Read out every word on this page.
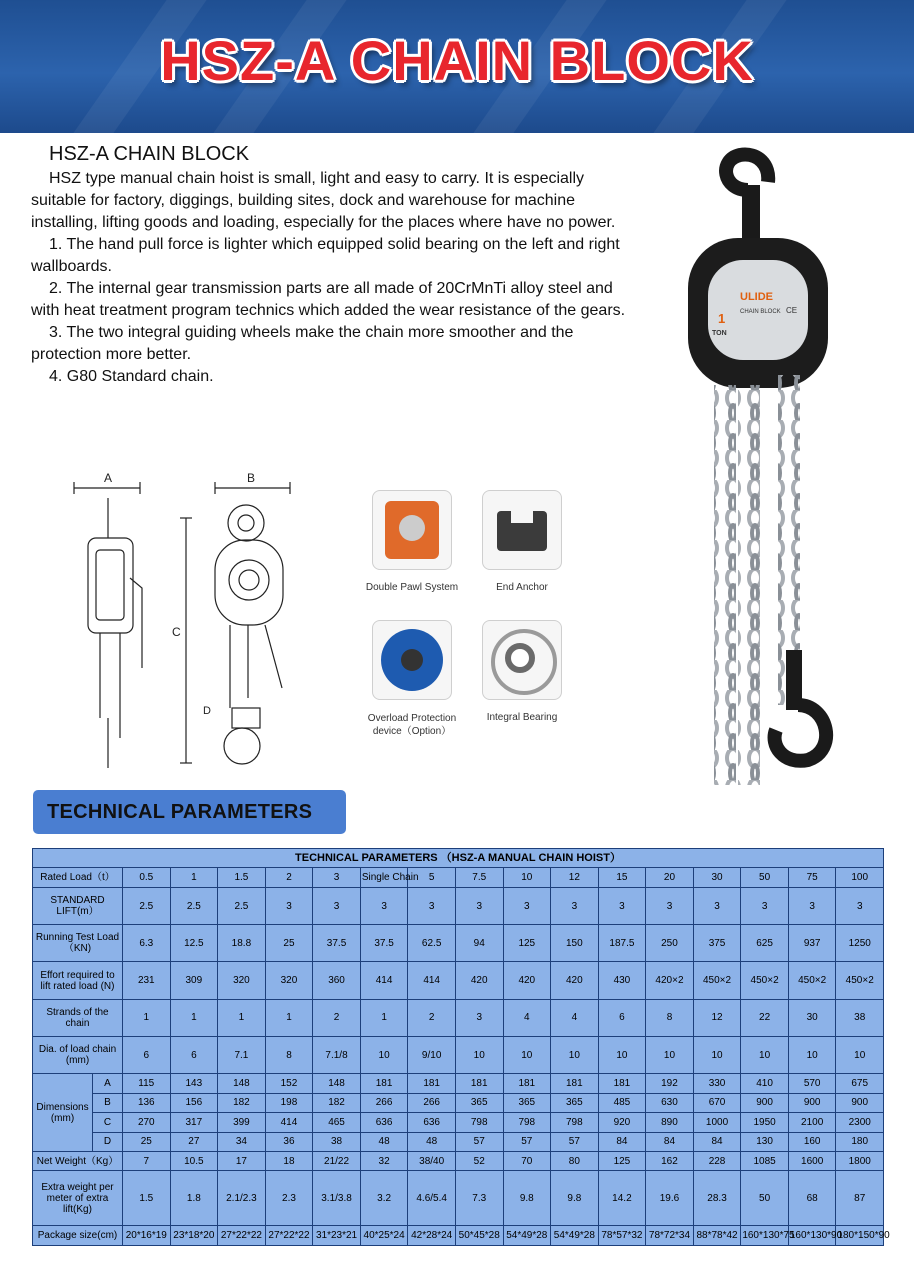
HSZ-A CHAIN BLOCK
HSZ-A CHAIN BLOCK

HSZ type manual chain hoist is small, light and easy to carry. It is especially suitable for factory, diggings, building sites, dock and warehouse for machine installing, lifting goods and loading, especially for the places where have no power.

1. The hand pull force is lighter which equipped solid bearing on the left and right wallboards.

2. The internal gear transmission parts are all made of 20CrMnTi alloy steel and with heat treatment program technics which added the wear resistance of the gears.

3. The two integral guiding wheels make the chain more smoother and the protection more better.

4. G80 Standard chain.

ULIDE
1
TON
CHAIN BLOCK CE
A	B
C
D
Double Pawl System	End Anchor
Overload Protection device（Option）
Integral Bearing
TECHNICAL PARAMETERS
TECHNICAL PARAMETERS （HSZ-A MANUAL CHAIN HOIST）																	
Rated Load（t）		0.5	1	1.5	2	3	Single Chain	5	7.5	10	12	15	20	30	50	75	100
STANDARD LIFT(m）		2.5	2.5	2.5	3	3	3	3	3	3	3	3	3	3	3	3	3
Running Test Load（KN)		6.3	12.5	18.8	25	37.5	37.5	62.5	94	125	150	187.5	250	375	625	937	1250
Effort required to lift rated load (N)		231	309	320	320	360	414	414	420	420	420	430	420×2	450×2	450×2	450×2	450×2
Strands of the chain		1	1	1	1	2	1	2	3	4	4	6	8	12	22	30	38
Dia. of load chain (mm)		6	6	7.1	8	7.1/8	10	9/10	10	10	10	10	10	10	10	10	10
Dimensions (mm)	A	115	143	148	152	148	181	181	181	181	181	181	192	330	410	570	675
	B	136	156	182	198	182	266	266	365	365	365	485	630	670	900	900	900
	C	270	317	399	414	465	636	636	798	798	798	920	890	1000	1950	2100	2300
	D	25	27	34	36	38	48	48	57	57	57	84	84	84	130	160	180
Net Weight（Kg）		7	10.5	17	18	21/22	32	38/40	52	70	80	125	162	228	1085	1600	1800
Extra weight per meter of extra lift(Kg)		1.5	1.8	2.1/2.3	2.3	3.1/3.8	3.2	4.6/5.4	7.3	9.8	9.8	14.2	19.6	28.3	50	68	87
Package size(cm)		20*16*19	23*18*20	27*22*22	27*22*22	31*23*21	40*25*24	42*28*24	50*45*28	54*49*28	54*49*28	78*57*32	78*72*34	88*78*42	160*130*75	160*130*90	180*150*90
